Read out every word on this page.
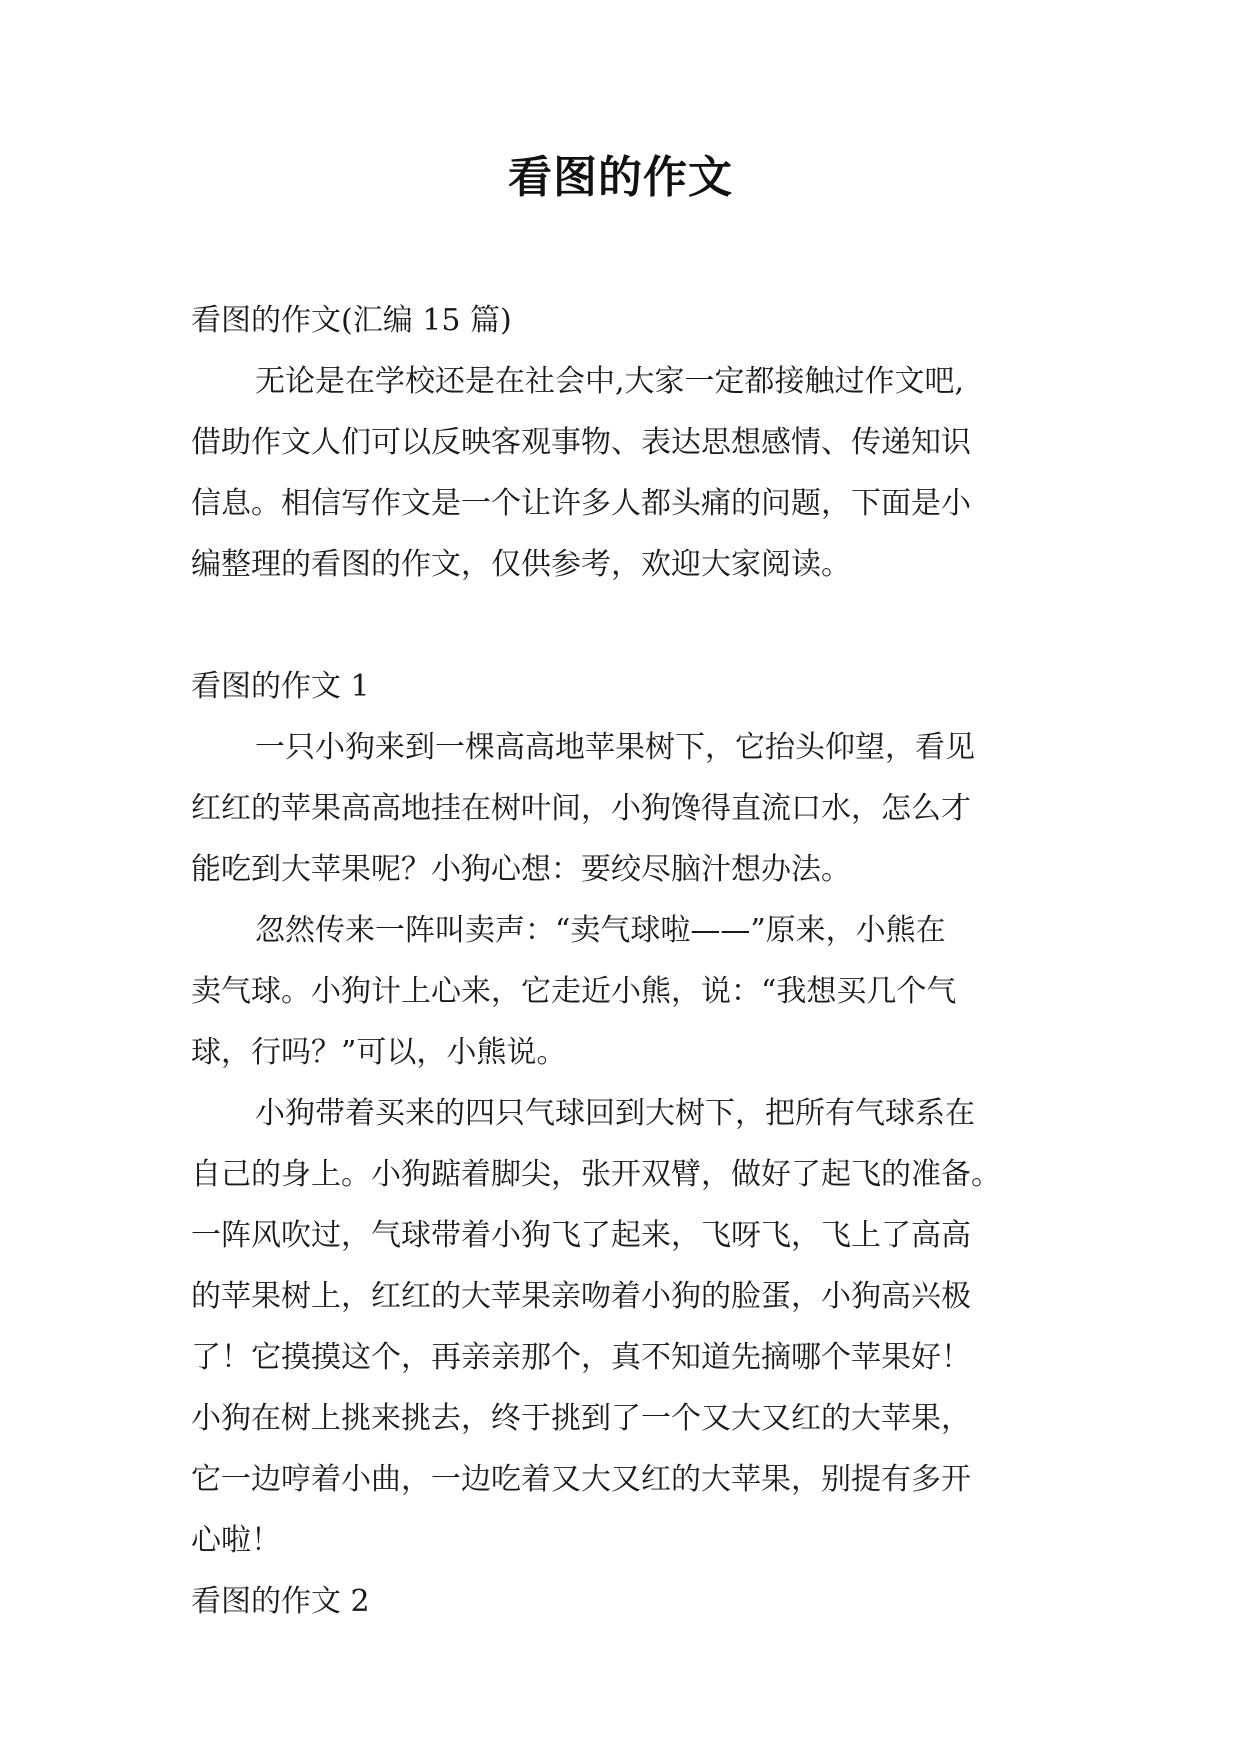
看图的作文
看图的作文(汇编 15 篇)
无论是在学校还是在社会中,大家一定都接触过作文吧,
借助作文人们可以反映客观事物、表达思想感情、传递知识
信息。相信写作文是一个让许多人都头痛的问题，下面是小
编整理的看图的作文，仅供参考，欢迎大家阅读。
看图的作文 1
一只小狗来到一棵高高地苹果树下，它抬头仰望，看见
红红的苹果高高地挂在树叶间，小狗馋得直流口水，怎么才
能吃到大苹果呢？小狗心想：要绞尽脑汁想办法。
忽然传来一阵叫卖声：“卖气球啦——”原来，小熊在
卖气球。小狗计上心来，它走近小熊，说：“我想买几个气
球，行吗？”可以，小熊说。
小狗带着买来的四只气球回到大树下，把所有气球系在
自己的身上。小狗踮着脚尖，张开双臂，做好了起飞的准备。
一阵风吹过，气球带着小狗飞了起来，飞呀飞，飞上了高高
的苹果树上，红红的大苹果亲吻着小狗的脸蛋，小狗高兴极
了！它摸摸这个，再亲亲那个，真不知道先摘哪个苹果好！
小狗在树上挑来挑去，终于挑到了一个又大又红的大苹果，
它一边哼着小曲，一边吃着又大又红的大苹果，别提有多开
心啦！
看图的作文 2
